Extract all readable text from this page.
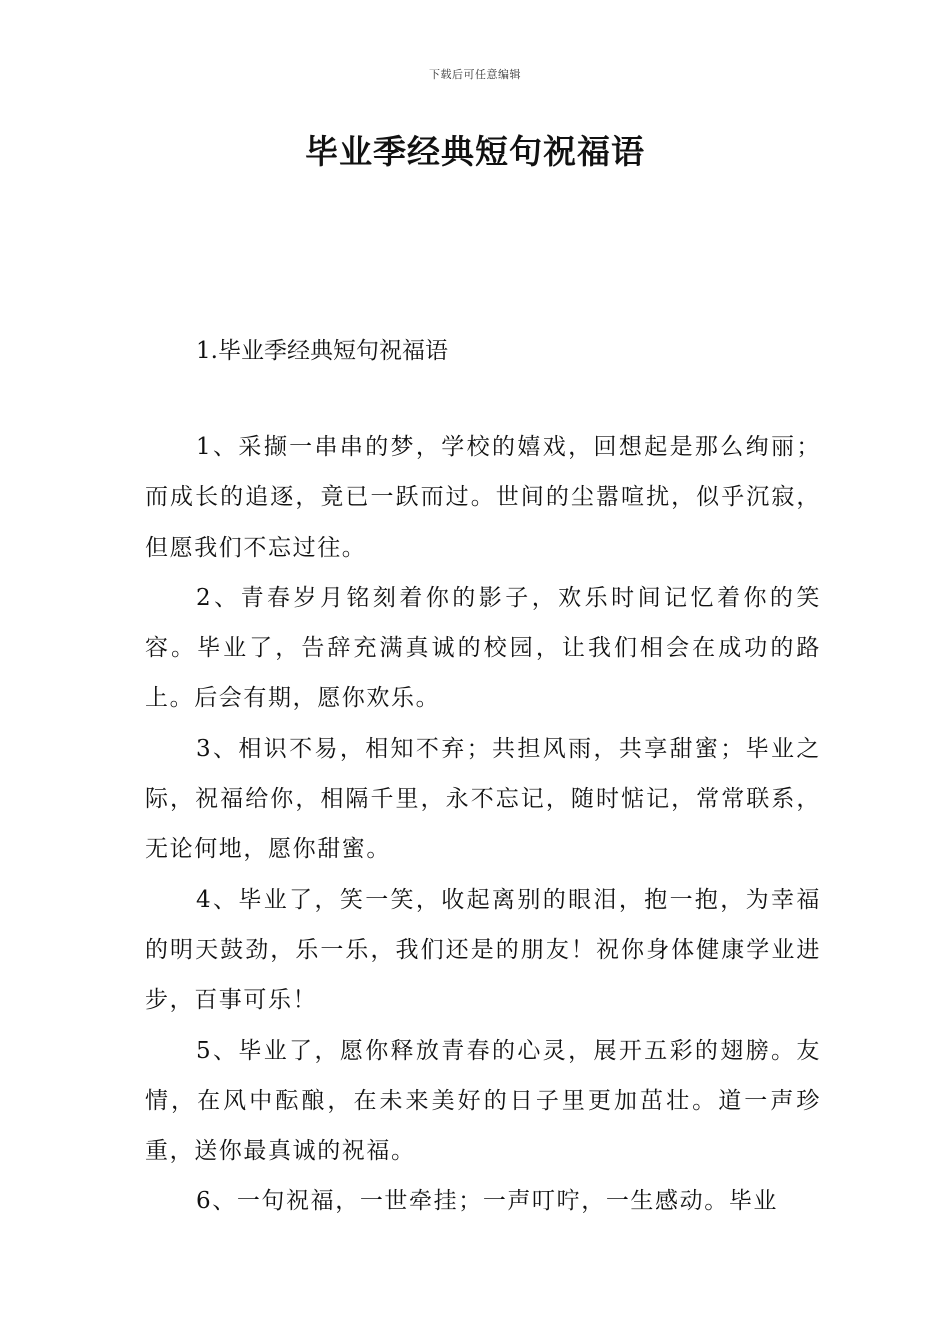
下载后可任意编辑
毕业季经典短句祝福语
1.毕业季经典短句祝福语

1、采撷一串串的梦，学校的嬉戏，回想起是那么绚丽；而成长的追逐，竟已一跃而过。世间的尘嚣喧扰，似乎沉寂，但愿我们不忘过往。

2、青春岁月铭刻着你的影子，欢乐时间记忆着你的笑容。毕业了，告辞充满真诚的校园，让我们相会在成功的路上。后会有期，愿你欢乐。

3、相识不易，相知不弃；共担风雨，共享甜蜜；毕业之际，祝福给你，相隔千里，永不忘记，随时惦记，常常联系，无论何地，愿你甜蜜。

4、毕业了，笑一笑，收起离别的眼泪，抱一抱，为幸福的明天鼓劲，乐一乐，我们还是的朋友！祝你身体健康学业进步，百事可乐！

5、毕业了，愿你释放青春的心灵，展开五彩的翅膀。友情，在风中酝酿，在未来美好的日子里更加茁壮。道一声珍重，送你最真诚的祝福。

6、一句祝福，一世牵挂；一声叮咛，一生感动。毕业
